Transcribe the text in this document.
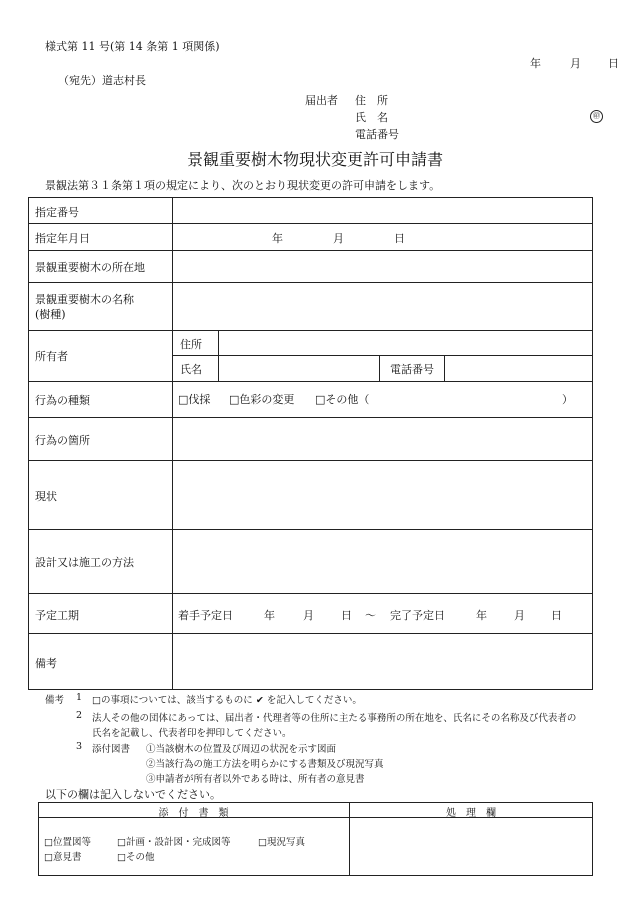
様式第 11 号(第 14 条第 1 項関係)
年	月 日
（宛先）道志村長
届出者 住　所
氏　名	㊞
電話番号
景観重要樹木物現状変更許可申請書
景観法第３１条第１項の規定により、次のとおり現状変更の許可申請をします。
指定番号
指定年月日	年	月	日
景観重要樹木の所在地
景観重要樹木の名称
(樹種)
所有者
住所
氏名	電話番号
行為の種類	□伐採 □色彩の変更 □その他（	）
行為の箇所
現状
設計又は施工の方法
予定工期	着手予定日	年	月 日 ～ 完了予定日	年 月 日
備考
備考 1 □の事項については、該当するものに ✔ を記入してください。
2 法人その他の団体にあっては、届出者・代理者等の住所に主たる事務所の所在地を、氏名にその名称及び代表者の
氏名を記載し、代表者印を押印してください。
3 添付図書 ①当該樹木の位置及び周辺の状況を示す図面
②当該行為の施工方法を明らかにする書類及び現況写真
③申請者が所有者以外である時は、所有者の意見書
以下の欄は記入しないでください。
添　付　書　類	処　理　欄
□位置図等	□計画・設計図・完成図等	□現況写真
□意見書	□その他
